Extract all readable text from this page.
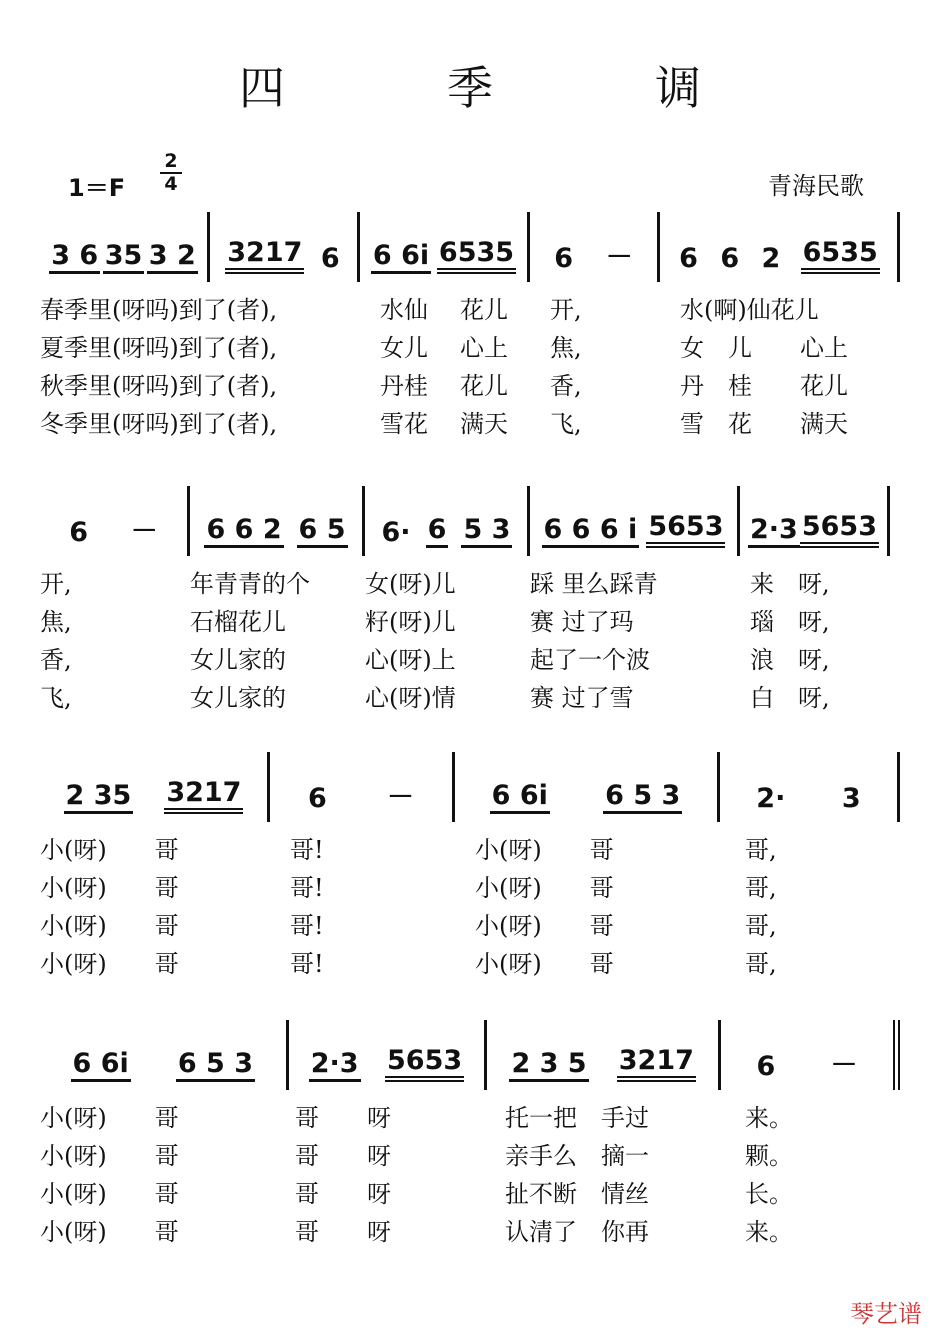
四　季　调
1＝F
2
4	青海民歌
3 6 35 3 2 3217 6 6 6i 6535 6 － 6 6 2 6535
春季里(呀吗)到了(者),	水仙	花儿	开,	水(啊)仙花儿
夏季里(呀吗)到了(者),	女儿	心上	焦,	女　儿　　心上
秋季里(呀吗)到了(者),	丹桂	花儿	香,	丹　桂　　花儿
冬季里(呀吗)到了(者),	雪花	满天	飞,	雪　花　　满天
6 － 6 6 2 6 5 6· 6 5 3 6 6 6 i 5653 2·3 5653
开,	年青青的个	女(呀)儿	踩 里么踩青	来　呀,
焦,	石榴花儿	籽(呀)儿	赛 过了玛	瑙　呀,
香,	女儿家的	心(呀)上	起了一个波	浪　呀,
飞,	女儿家的	心(呀)情	赛 过了雪	白　呀,
2 35 3217 6 －	6 6i 6 5 3	2· 3
小(呀)　　哥	哥!	小(呀)　　哥	哥,
小(呀)　　哥	哥!	小(呀)　　哥	哥,
小(呀)　　哥	哥!	小(呀)　　哥	哥,
小(呀)　　哥	哥!	小(呀)　　哥	哥,
6 6i 6 5 3 2·3 5653 2 3 5 3217 6 －
小(呀)　　哥	哥　　呀	托一把　手过	来。
小(呀)　　哥	哥　　呀	亲手么　摘一	颗。
小(呀)　　哥	哥　　呀	扯不断　情丝	长。
小(呀)　　哥	哥　　呀	认清了　你再	来。
琴艺谱
